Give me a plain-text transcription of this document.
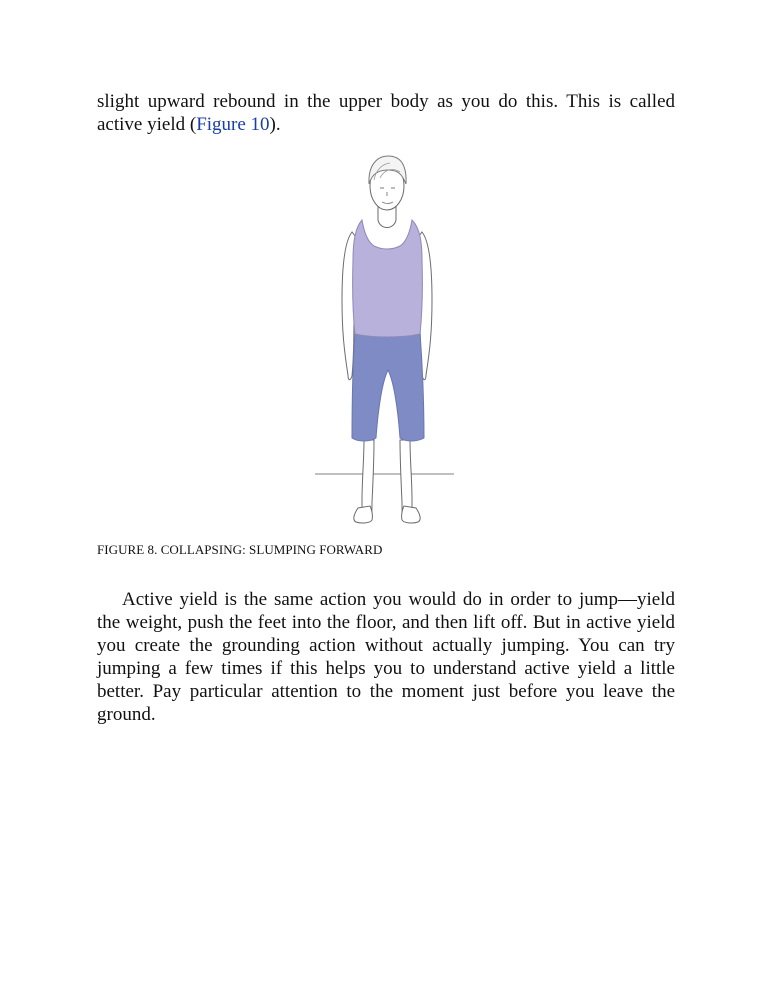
slight upward rebound in the upper body as you do this. This is called active yield (Figure 10).

FIGURE 8. COLLAPSING: SLUMPING FORWARD

Active yield is the same action you would do in order to jump—yield the weight, push the feet into the floor, and then lift off. But in active yield you create the grounding action without actually jumping. You can try jumping a few times if this helps you to understand active yield a little better. Pay particular attention to the moment just before you leave the ground.
